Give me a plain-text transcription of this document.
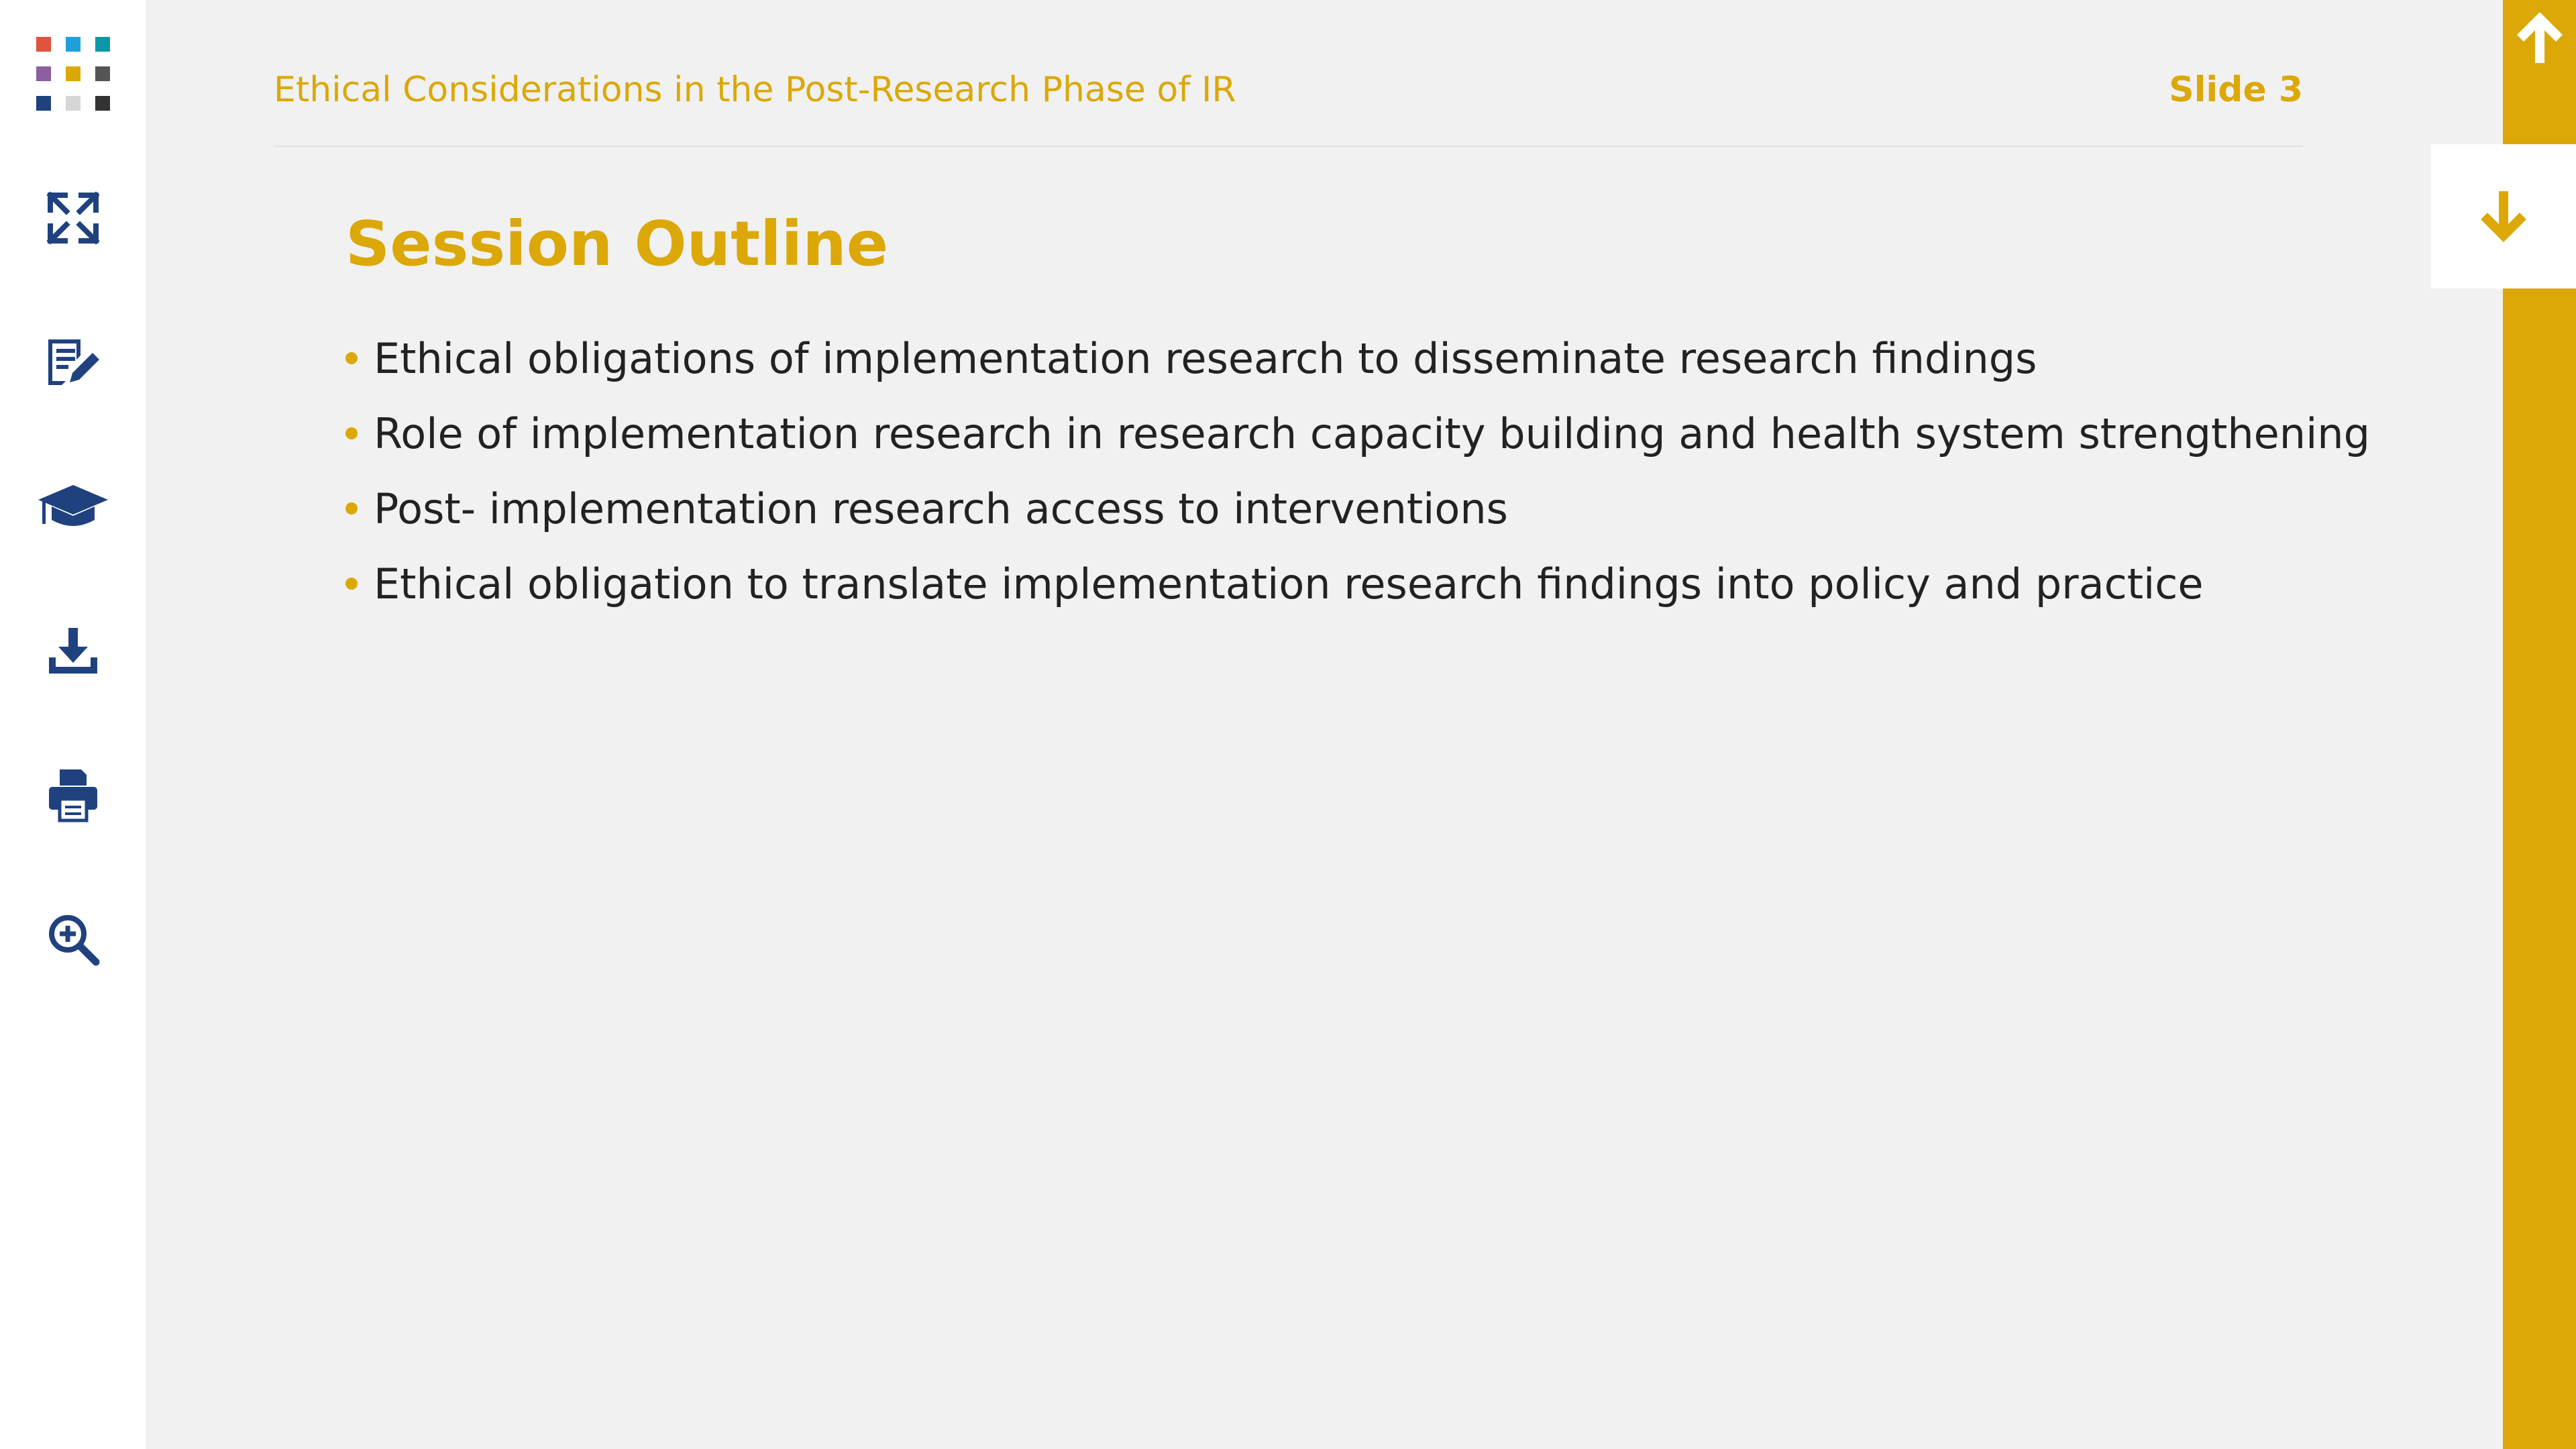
Ethical Considerations in the Post-Research Phase of IR	Slide 3
Session Outline
Ethical obligations of implementation research to disseminate research findings
Role of implementation research in research capacity building and health system strengthening
Post- implementation research access to interventions
Ethical obligation to translate implementation research findings into policy and practice
